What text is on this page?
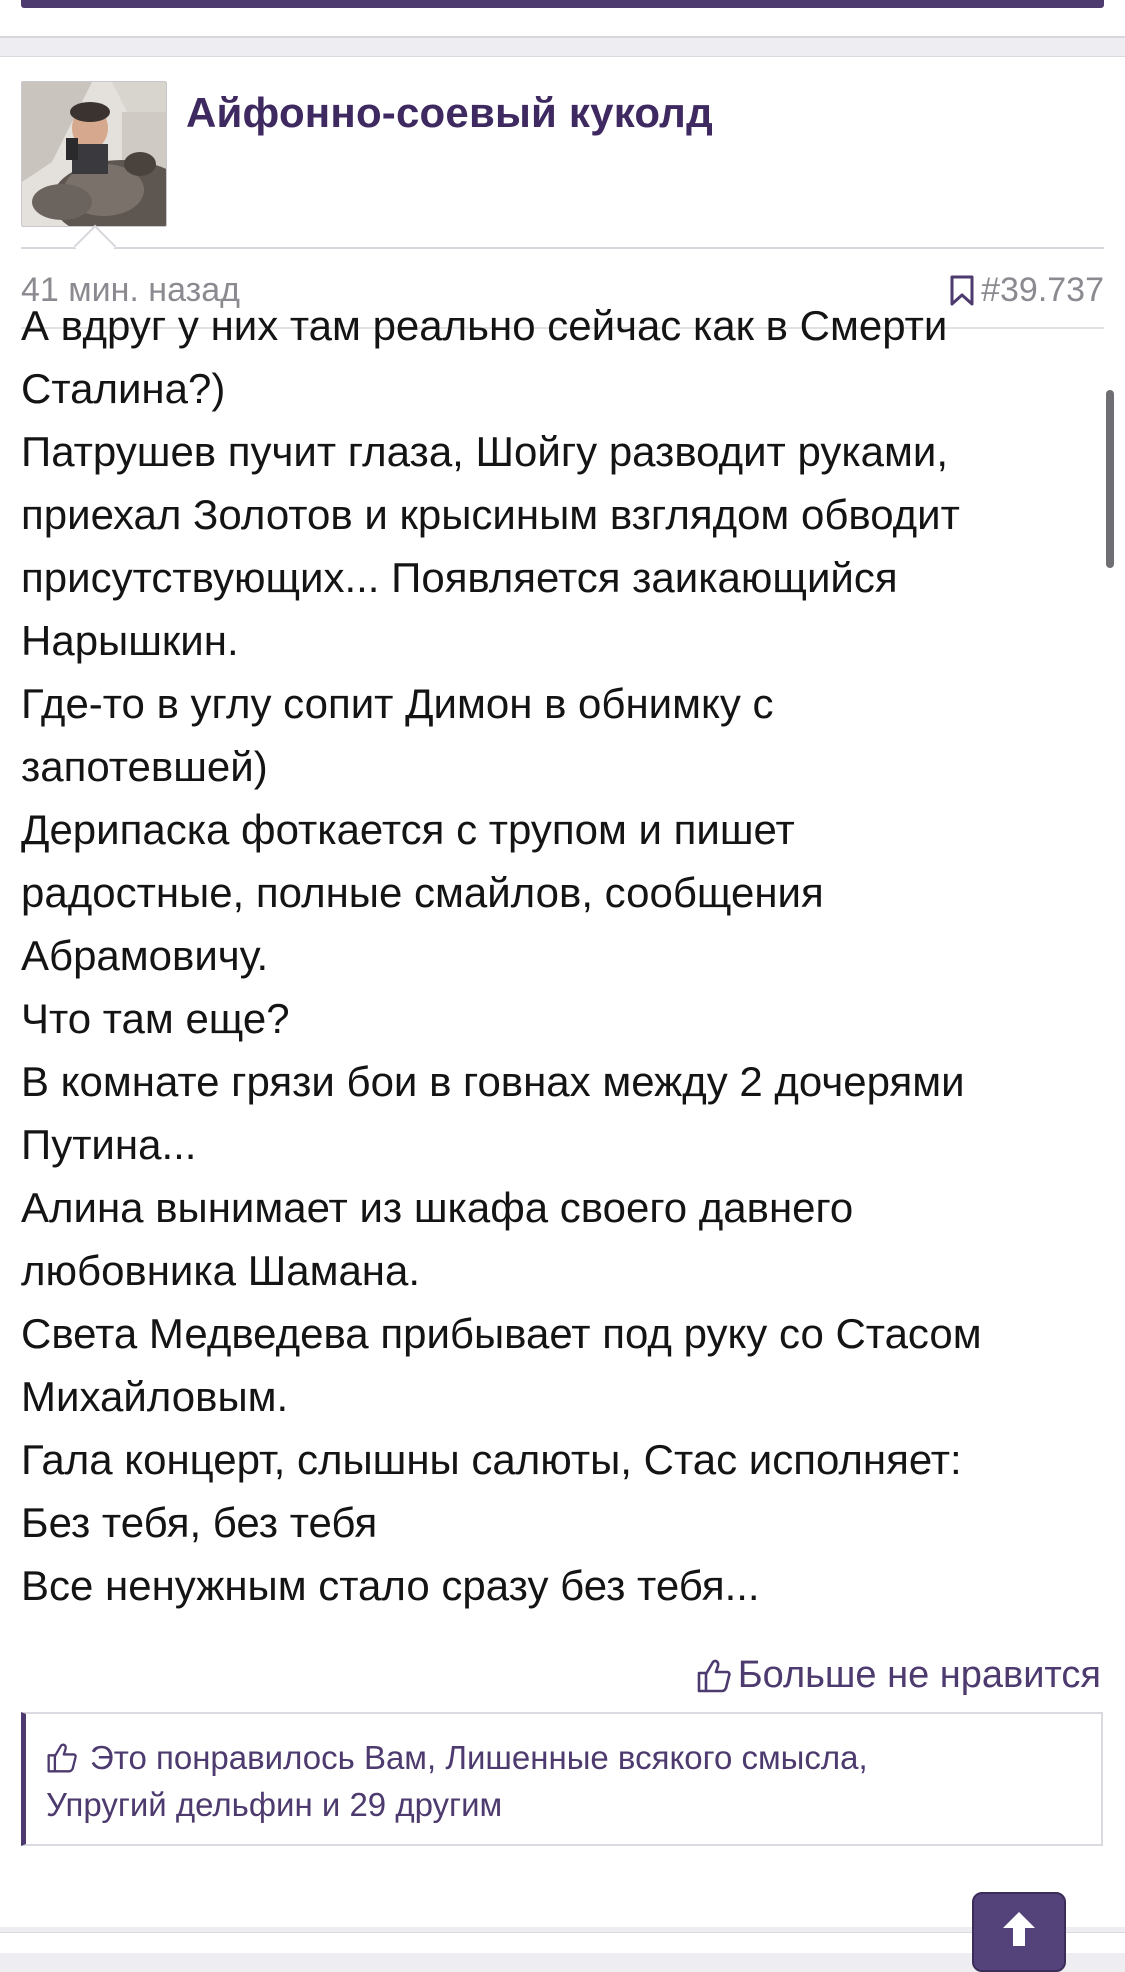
Айфонно-соевый куколд
41 мин. назад	#39.737
А вдруг у них там реально сейчас как в Смерти
Сталина?)
Патрушев пучит глаза, Шойгу разводит руками,
приехал Золотов и крысиным взглядом обводит
присутствующих... Появляется заикающийся
Нарышкин.
Где-то в углу сопит Димон в обнимку с
запотевшей)
Дерипаска фоткается с трупом и пишет
радостные, полные смайлов, сообщения
Абрамовичу.
Что там еще?
В комнате грязи бои в говнах между 2 дочерями
Путина...
Алина вынимает из шкафа своего давнего
любовника Шамана.
Света Медведева прибывает под руку со Стасом
Михайловым.
Гала концерт, слышны салюты, Стас исполняет:
Без тебя, без тебя
Все ненужным стало сразу без тебя...
Больше не нравится
Это понравилось Вам, Лишенные всякого смысла,
Упругий дельфин и 29 другим
